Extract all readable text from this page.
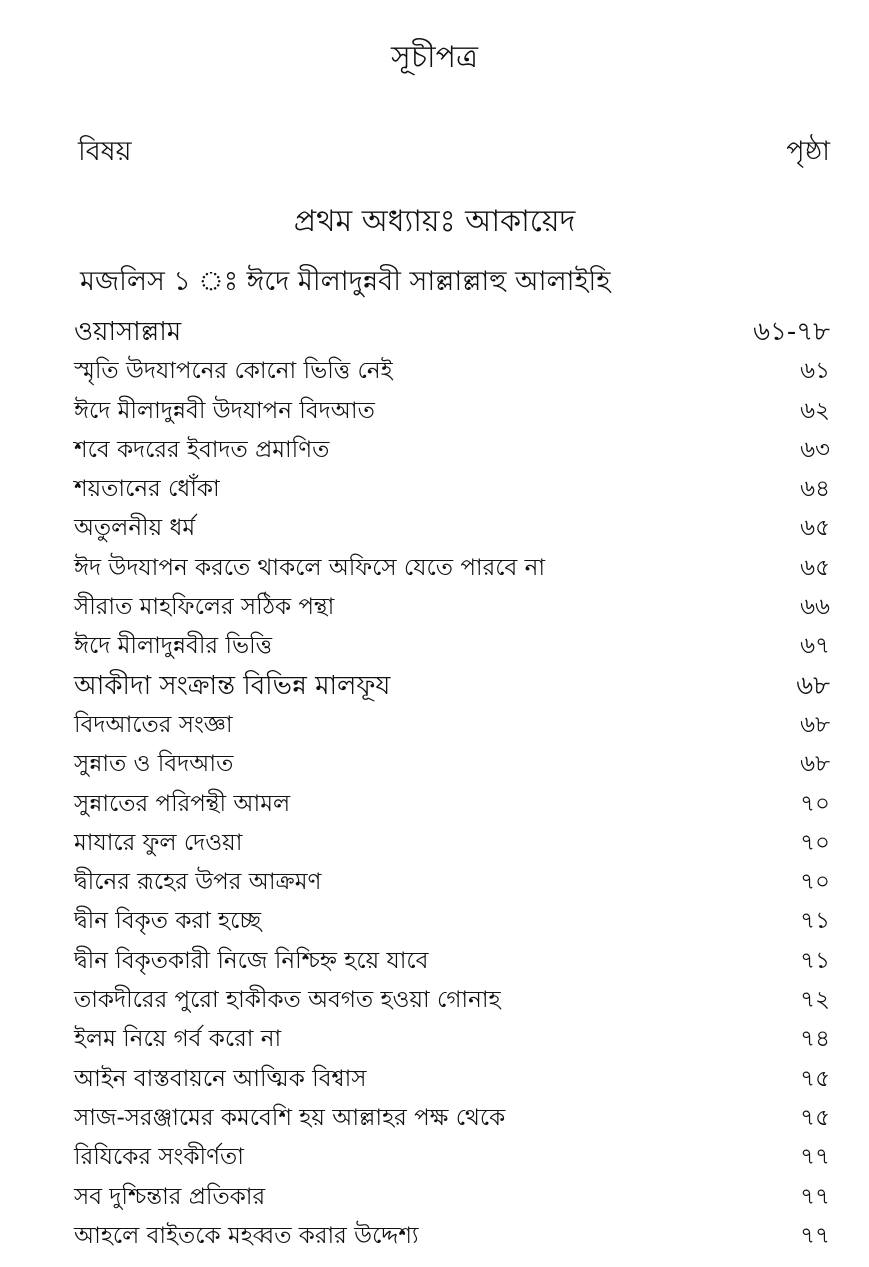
সূচীপত্র
বিষয়	পৃষ্ঠা
প্রথম অধ্যায়ঃ আকায়েদ
মজলিস ১ ঃ ঈদে মীলাদুন্নবী সাল্লাল্লাহু আলাইহি
ওয়াসাল্লাম	৬১-৭৮
স্মৃতি উদযাপনের কোনো ভিত্তি নেই	৬১
ঈদে মীলাদুন্নবী উদযাপন বিদআত	৬২
শবে কদরের ইবাদত প্রমাণিত	৬৩
শয়তানের ধোঁকা	৬৪
অতুলনীয় ধর্ম	৬৫
ঈদ উদযাপন করতে থাকলে অফিসে যেতে পারবে না	৬৫
সীরাত মাহফিলের সঠিক পন্থা	৬৬
ঈদে মীলাদুন্নবীর ভিত্তি	৬৭
আকীদা সংক্রান্ত বিভিন্ন মালফূয	৬৮
বিদআতের সংজ্ঞা	৬৮
সুন্নাত ও বিদআত	৬৮
সুন্নাতের পরিপন্থী আমল	৭০
মাযারে ফুল দেওয়া	৭০
দ্বীনের রূহের উপর আক্রমণ	৭০
দ্বীন বিকৃত করা হচ্ছে	৭১
দ্বীন বিকৃতকারী নিজে নিশ্চিহ্ন হয়ে যাবে	৭১
তাকদীরের পুরো হাকীকত অবগত হওয়া গোনাহ	৭২
ইলম নিয়ে গর্ব করো না	৭৪
আইন বাস্তবায়নে আত্মিক বিশ্বাস	৭৫
সাজ-সরঞ্জামের কমবেশি হয় আল্লাহর পক্ষ থেকে	৭৫
রিযিকের সংকীর্ণতা	৭৭
সব দুশ্চিন্তার প্রতিকার	৭৭
আহলে বাইতকে মহব্বত করার উদ্দেশ্য	৭৭
